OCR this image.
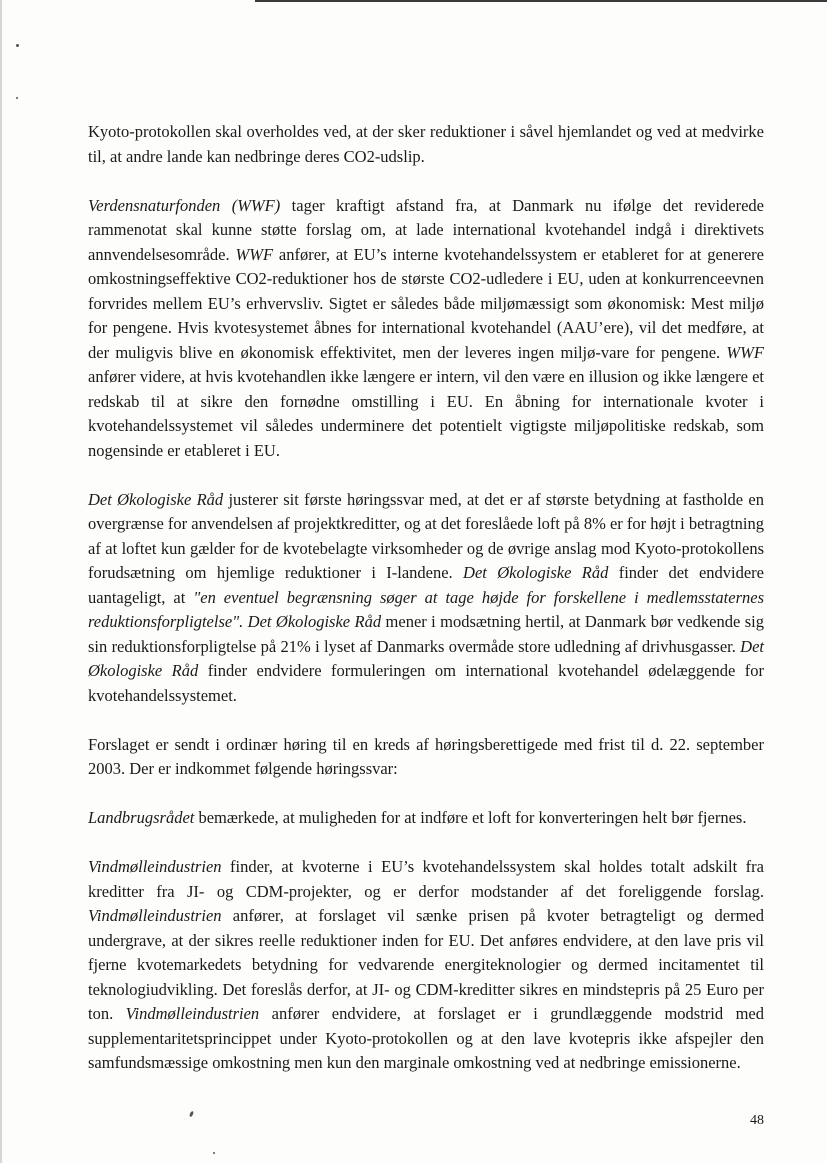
Kyoto-protokollen skal overholdes ved, at der sker reduktioner i såvel hjemlandet og ved at medvirke til, at andre lande kan nedbringe deres CO2-udslip.

Verdensnaturfonden (WWF) tager kraftigt afstand fra, at Danmark nu ifølge det reviderede rammenotat skal kunne støtte forslag om, at lade international kvotehandel indgå i direktivets annvendelsesområde. WWF anfører, at EU’s interne kvotehandelssystem er etableret for at generere omkostningseffektive CO2-reduktioner hos de største CO2-udledere i EU, uden at konkurrenceevnen forvrides mellem EU’s erhvervsliv. Sigtet er således både miljømæssigt som økonomisk: Mest miljø for pengene. Hvis kvotesystemet åbnes for international kvotehandel (AAU’ere), vil det medføre, at der muligvis blive en økonomisk effektivitet, men der leveres ingen miljø-vare for pengene. WWF anfører videre, at hvis kvotehandlen ikke længere er intern, vil den være en illusion og ikke længere et redskab til at sikre den fornødne omstilling i EU. En åbning for internationale kvoter i kvotehandelssystemet vil således underminere det potentielt vigtigste miljøpolitiske redskab, som nogensinde er etableret i EU.

Det Økologiske Råd justerer sit første høringssvar med, at det er af største betydning at fastholde en overgrænse for anvendelsen af projektkreditter, og at det foreslåede loft på 8% er for højt i betragtning af at loftet kun gælder for de kvotebelagte virksomheder og de øvrige anslag mod Kyoto-protokollens forudsætning om hjemlige reduktioner i I-landene. Det Økologiske Råd finder det endvidere uantageligt, at "en eventuel begrænsning søger at tage højde for forskellene i medlemsstaternes reduktionsforpligtelse". Det Økologiske Råd mener i modsætning hertil, at Danmark bør vedkende sig sin reduktionsforpligtelse på 21% i lyset af Danmarks overmåde store udledning af drivhusgasser. Det Økologiske Råd finder endvidere formuleringen om international kvotehandel ødelæggende for kvotehandelssystemet.

Forslaget er sendt i ordinær høring til en kreds af høringsberettigede med frist til d. 22. september 2003. Der er indkommet følgende høringssvar:

Landbrugsrådet bemærkede, at muligheden for at indføre et loft for konverteringen helt bør fjernes.

Vindmølleindustrien finder, at kvoterne i EU’s kvotehandelssystem skal holdes totalt adskilt fra kreditter fra JI- og CDM-projekter, og er derfor modstander af det foreliggende forslag. Vindmølleindustrien anfører, at forslaget vil sænke prisen på kvoter betragteligt og dermed undergrave, at der sikres reelle reduktioner inden for EU. Det anføres endvidere, at den lave pris vil fjerne kvotemarkedets betydning for vedvarende energiteknologier og dermed incitamentet til teknologiudvikling. Det foreslås derfor, at JI- og CDM-kreditter sikres en mindstepris på 25 Euro per ton. Vindmølleindustrien anfører endvidere, at forslaget er i grundlæggende modstrid med supplementaritetsprincippet under Kyoto-protokollen og at den lave kvotepris ikke afspejler den samfundsmæssige omkostning men kun den marginale omkostning ved at nedbringe emissionerne.

48
